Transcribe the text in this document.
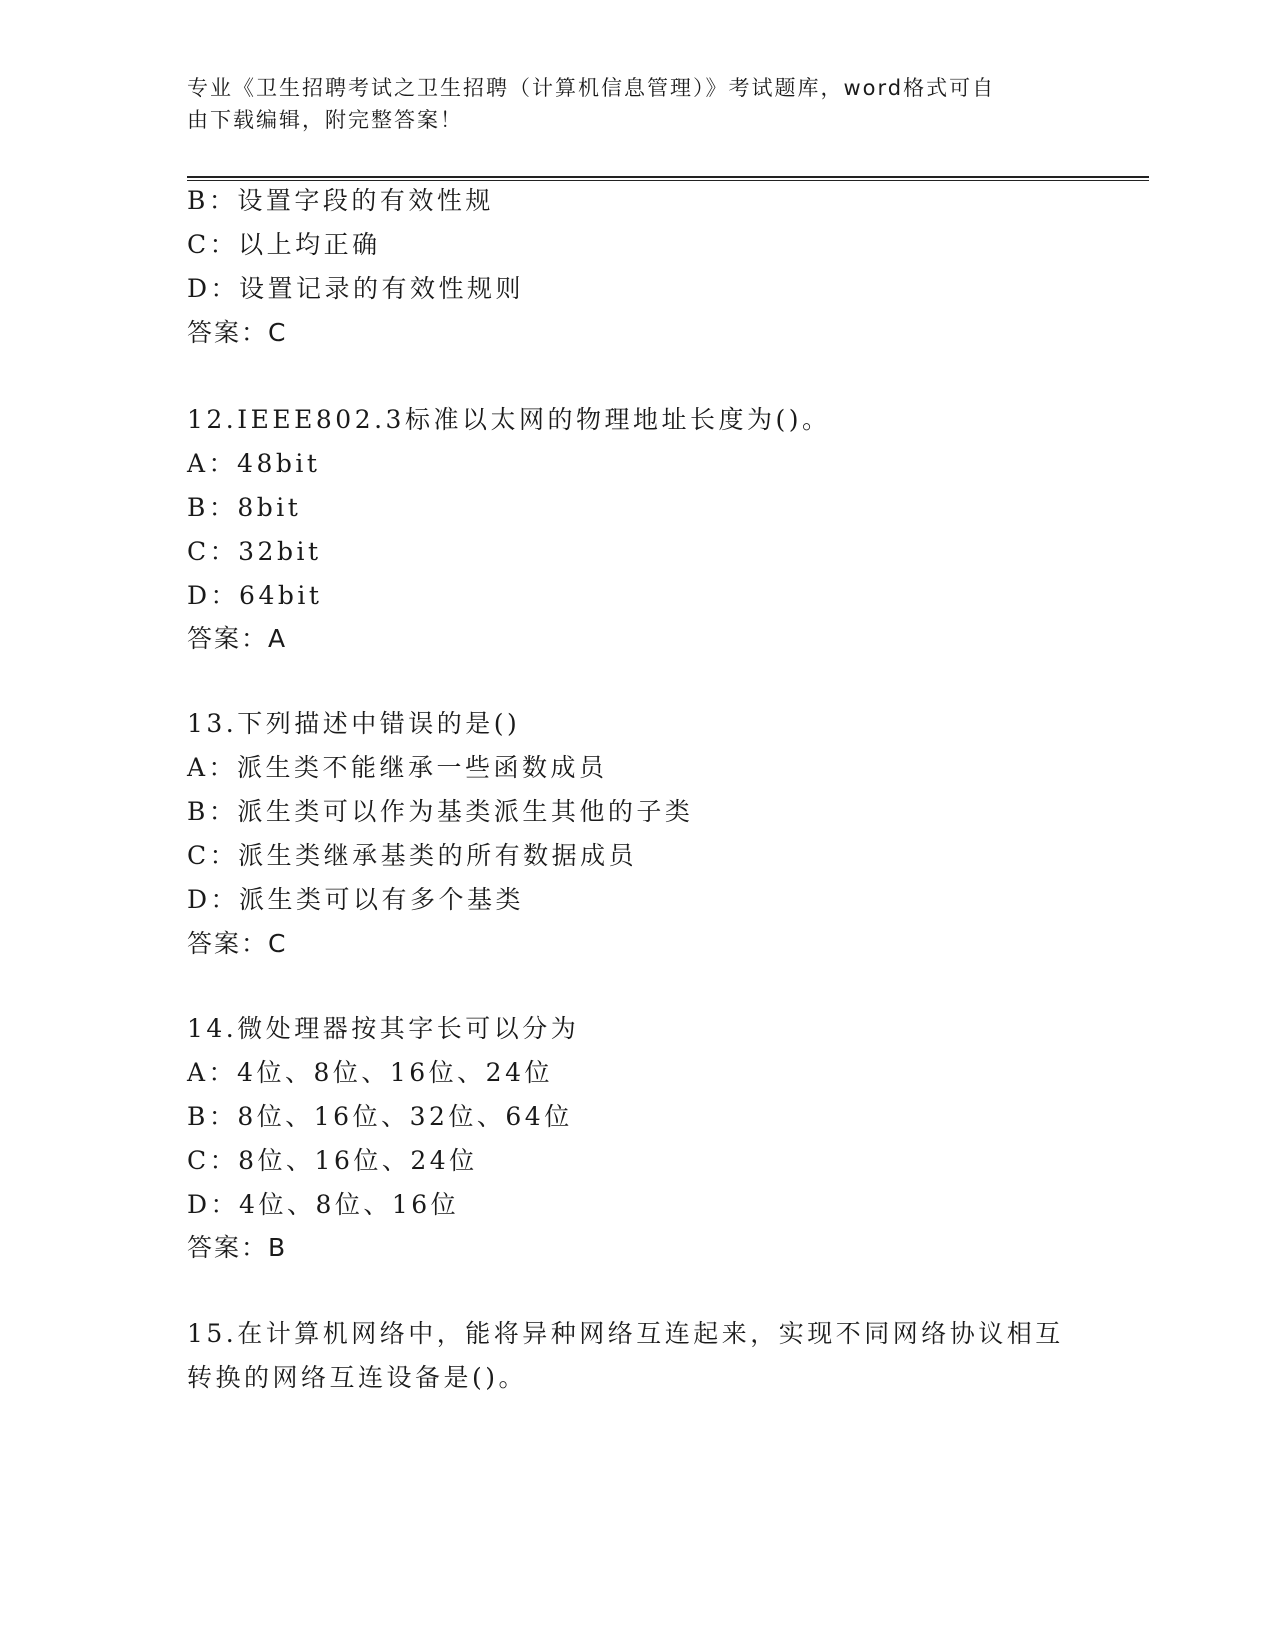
专业《卫生招聘考试之卫生招聘（计算机信息管理）》考试题库，word格式可自
由下载编辑，附完整答案！
B：设置字段的有效性规
C：以上均正确
D：设置记录的有效性规则
答案：C
12.IEEE802.3标准以太网的物理地址长度为()。
A：48bit
B：8bit
C：32bit
D：64bit
答案：A
13.下列描述中错误的是()
A：派生类不能继承一些函数成员
B：派生类可以作为基类派生其他的子类
C：派生类继承基类的所有数据成员
D：派生类可以有多个基类
答案：C
14.微处理器按其字长可以分为
A：4位、8位、16位、24位
B：8位、16位、32位、64位
C：8位、16位、24位
D：4位、8位、16位
答案：B
15.在计算机网络中，能将异种网络互连起来，实现不同网络协议相互
转换的网络互连设备是()。
